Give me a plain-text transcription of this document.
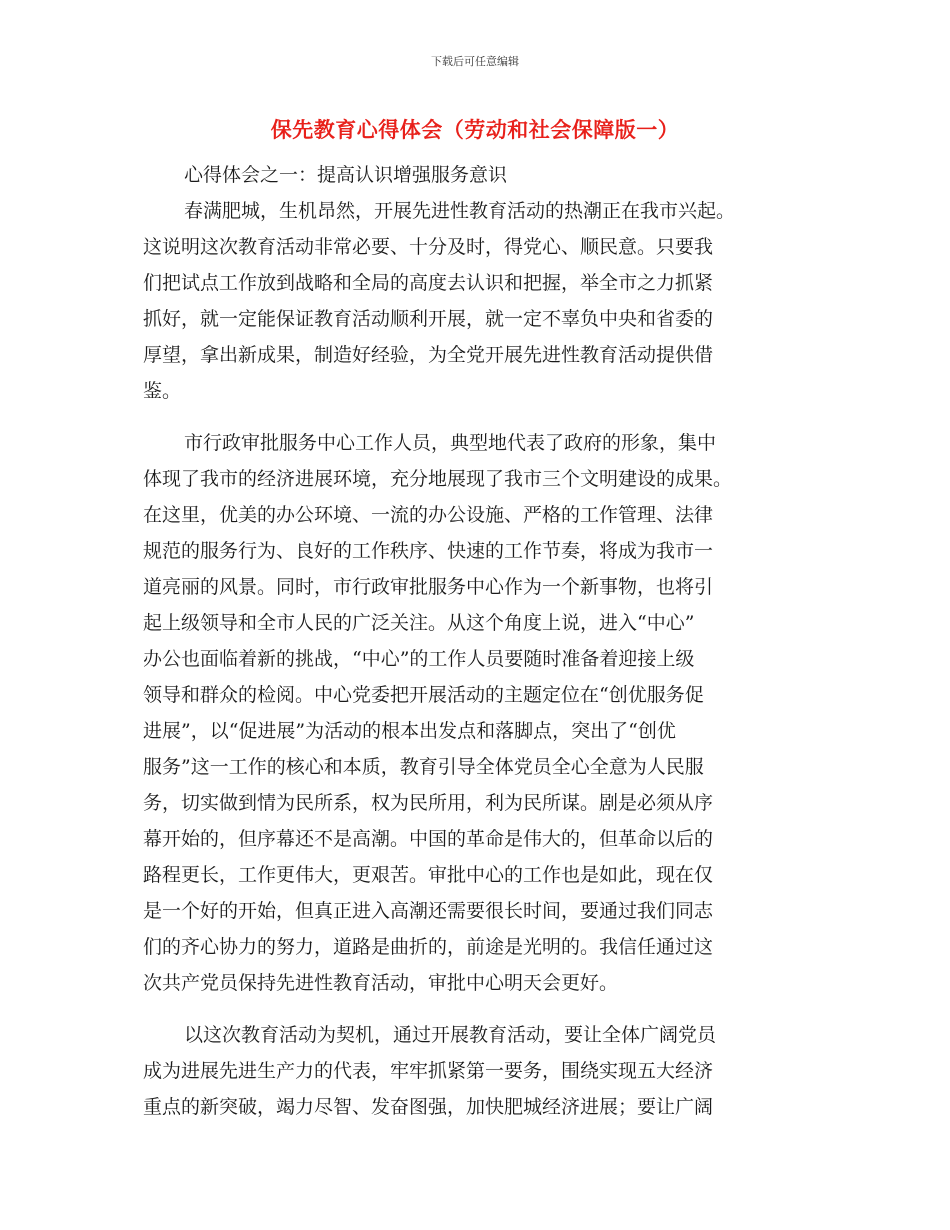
下载后可任意编辑
保先教育心得体会（劳动和社会保障版一）
心得体会之一：提高认识增强服务意识
春满肥城，生机昂然，开展先进性教育活动的热潮正在我市兴起。
这说明这次教育活动非常必要、十分及时，得党心、顺民意。只要我
们把试点工作放到战略和全局的高度去认识和把握，举全市之力抓紧
抓好，就一定能保证教育活动顺利开展，就一定不辜负中央和省委的
厚望，拿出新成果，制造好经验，为全党开展先进性教育活动提供借
鉴。
市行政审批服务中心工作人员，典型地代表了政府的形象，集中
体现了我市的经济进展环境，充分地展现了我市三个文明建设的成果。
在这里，优美的办公环境、一流的办公设施、严格的工作管理、法律
规范的服务行为、良好的工作秩序、快速的工作节奏，将成为我市一
道亮丽的风景。同时，市行政审批服务中心作为一个新事物，也将引
起上级领导和全市人民的广泛关注。从这个角度上说，进入“中心”
办公也面临着新的挑战，“中心”的工作人员要随时准备着迎接上级
领导和群众的检阅。中心党委把开展活动的主题定位在“创优服务促
进展”，以“促进展”为活动的根本出发点和落脚点，突出了“创优
服务”这一工作的核心和本质，教育引导全体党员全心全意为人民服
务，切实做到情为民所系，权为民所用，利为民所谋。剧是必须从序
幕开始的，但序幕还不是高潮。中国的革命是伟大的，但革命以后的
路程更长，工作更伟大，更艰苦。审批中心的工作也是如此，现在仅
是一个好的开始，但真正进入高潮还需要很长时间，要通过我们同志
们的齐心协力的努力，道路是曲折的，前途是光明的。我信任通过这
次共产党员保持先进性教育活动，审批中心明天会更好。
以这次教育活动为契机，通过开展教育活动，要让全体广阔党员
成为进展先进生产力的代表，牢牢抓紧第一要务，围绕实现五大经济
重点的新突破，竭力尽智、发奋图强，加快肥城经济进展；要让广阔
